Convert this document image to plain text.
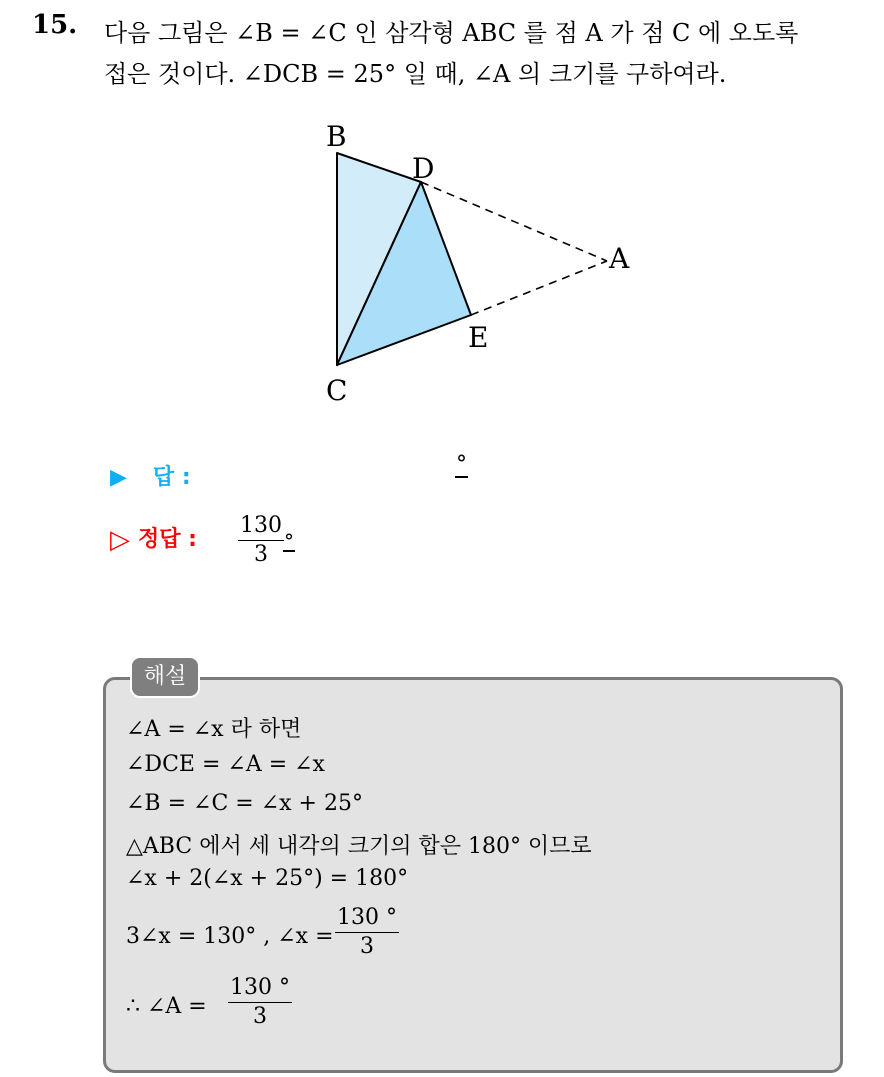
15. 다음 그림은 ∠B = ∠C 인 삼각형 ABC 를 점 A 가 점 C 에 오도록
접은 것이다. ∠DCB = 25° 일 때, ∠A 의 크기를 구하여라.
B
D
A
E
C
▶ 답 :
°
▷ 정답 : $\frac{130}{3}$ °
해설
∠A = ∠x 라 하면
∠DCE = ∠A = ∠x
∠B = ∠C = ∠x + 25°
△ABC 에서 세 내각의 크기의 합은 180° 이므로
∠x + 2(∠x + 25°) = 180°
3∠x = 130° , ∠x = $\frac{130 ^\circ}{3}$
∴ ∠A = $\frac{130 ^\circ}{3}$
